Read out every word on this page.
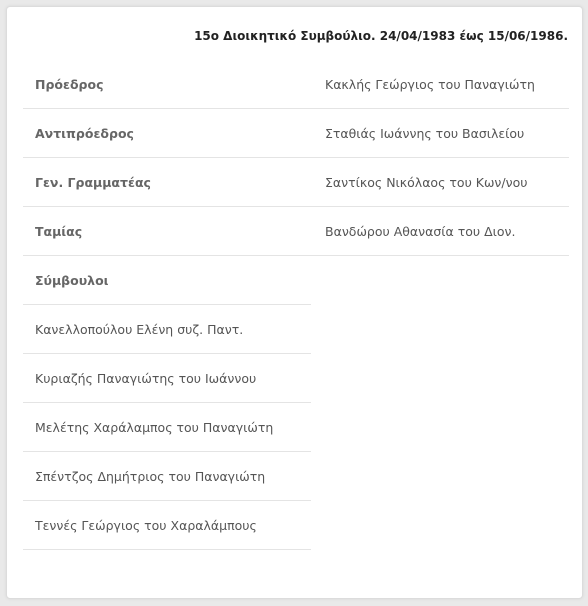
15ο Διοικητικό Συμβούλιο. 24/04/1983 έως 15/06/1986.
Πρόεδρος
Αντιπρόεδρος
Γεν. Γραμματέας
Ταμίας
Σύμβουλοι
Κανελλοπούλου Ελένη συζ. Παντ.
Κυριαζής Παναγιώτης του Ιωάννου
Μελέτης Χαράλαμπος του Παναγιώτη
Σπέντζος Δημήτριος του Παναγιώτη
Τεννές Γεώργιος του Χαραλάμπους
Κακλής Γεώργιος του Παναγιώτη
Σταθιάς Ιωάννης του Βασιλείου
Σαντίκος Νικόλαος του Κων/νου
Βανδώρου Αθανασία του Διον.
